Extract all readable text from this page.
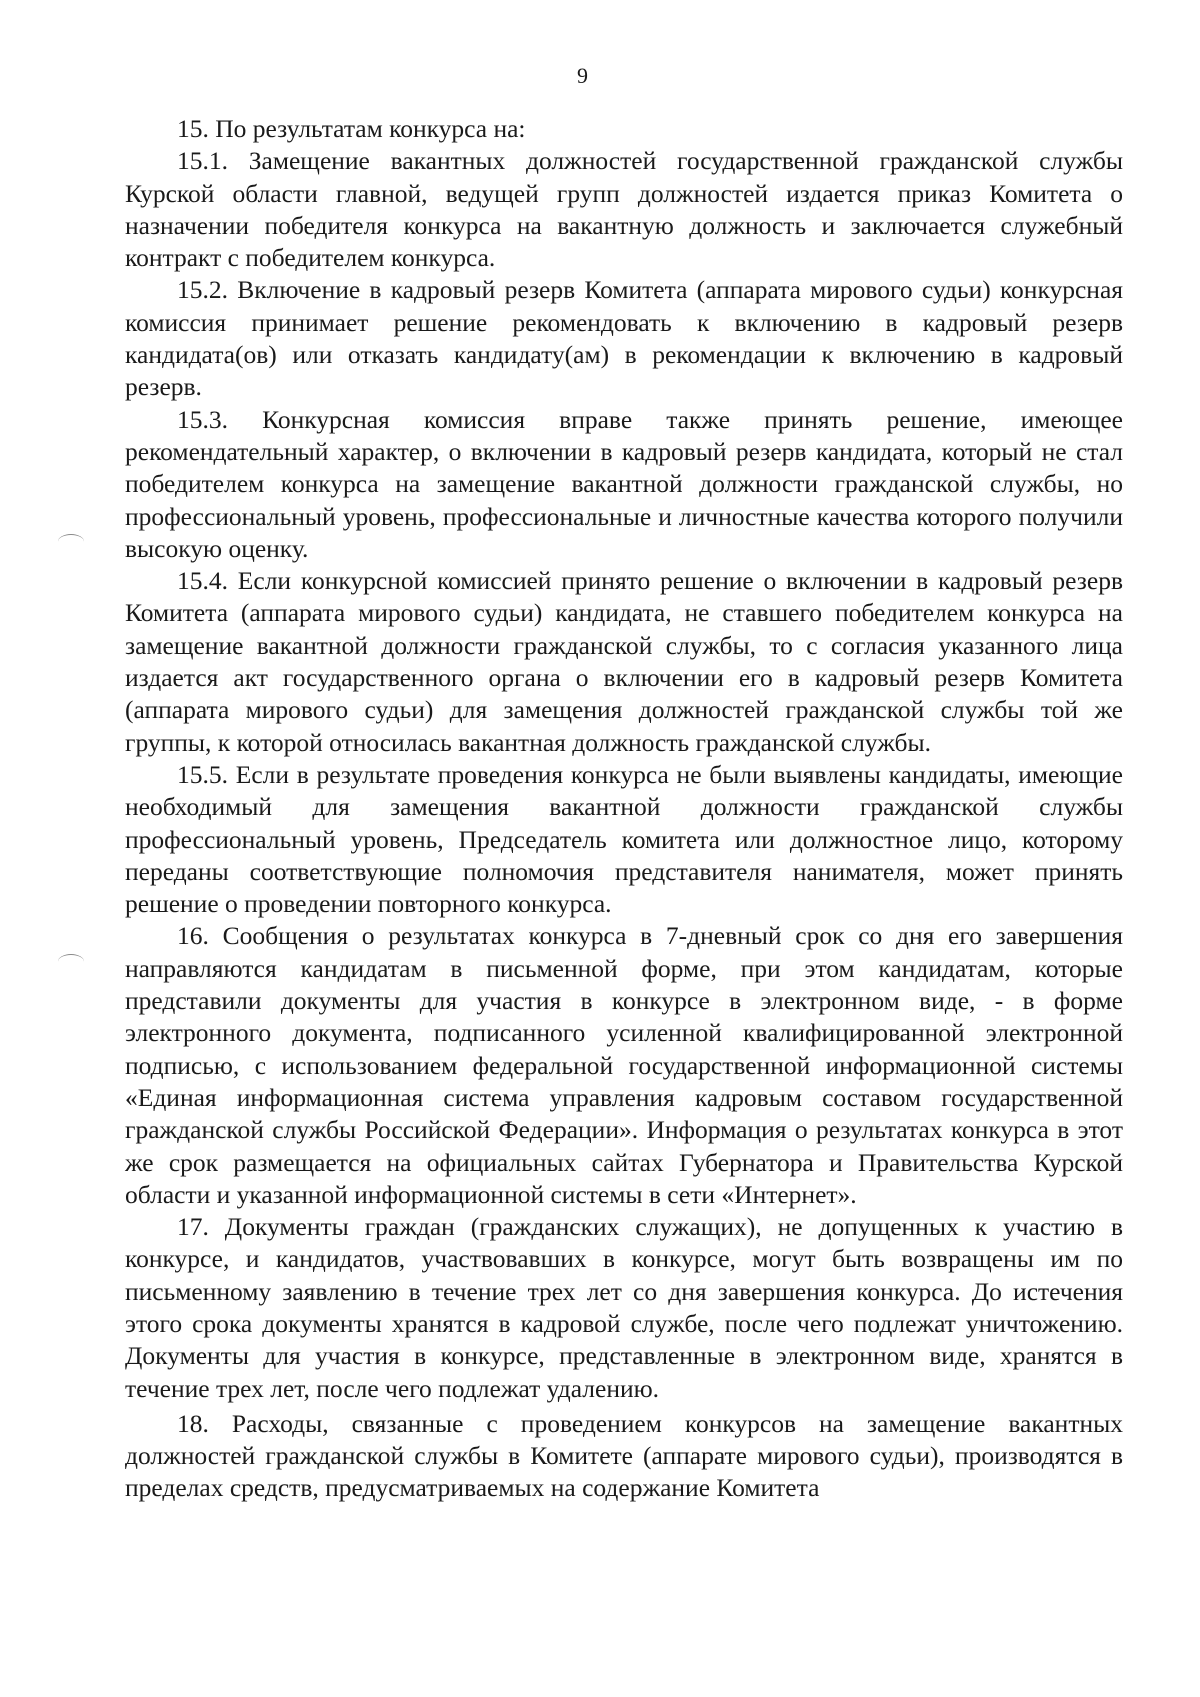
9

15. По результатам конкурса на:

15.1. Замещение вакантных должностей государственной гражданской службы Курской области главной, ведущей групп должностей издается приказ Комитета о назначении победителя конкурса на вакантную должность и заключается служебный контракт с победителем конкурса.

15.2. Включение в кадровый резерв Комитета (аппарата мирового судьи) конкурсная комиссия принимает решение рекомендовать к включению в кадровый резерв кандидата(ов) или отказать кандидату(ам) в рекомендации к включению в кадровый резерв.

15.3. Конкурсная комиссия вправе также принять решение, имеющее рекомендательный характер, о включении в кадровый резерв кандидата, который не стал победителем конкурса на замещение вакантной должности гражданской службы, но профессиональный уровень, профессиональные и личностные качества которого получили высокую оценку.

15.4. Если конкурсной комиссией принято решение о включении в кадровый резерв Комитета (аппарата мирового судьи) кандидата, не ставшего победителем конкурса на замещение вакантной должности гражданской службы, то с согласия указанного лица издается акт государственного органа о включении его в кадровый резерв Комитета (аппарата мирового судьи) для замещения должностей гражданской службы той же группы, к которой относилась вакантная должность гражданской службы.

15.5. Если в результате проведения конкурса не были выявлены кандидаты, имеющие необходимый для замещения вакантной должности гражданской службы профессиональный уровень, Председатель комитета или должностное лицо, которому переданы соответствующие полномочия представителя нанимателя, может принять решение о проведении повторного конкурса.

16. Сообщения о результатах конкурса в 7-дневный срок со дня его завершения направляются кандидатам в письменной форме, при этом кандидатам, которые представили документы для участия в конкурсе в электронном виде, - в форме электронного документа, подписанного усиленной квалифицированной электронной подписью, с использованием федеральной государственной информационной системы «Единая информационная система управления кадровым составом государственной гражданской службы Российской Федерации». Информация о результатах конкурса в этот же срок размещается на официальных сайтах Губернатора и Правительства Курской области и указанной информационной системы в сети «Интернет».

17. Документы граждан (гражданских служащих), не допущенных к участию в конкурсе, и кандидатов, участвовавших в конкурсе, могут быть возвращены им по письменному заявлению в течение трех лет со дня завершения конкурса. До истечения этого срока документы хранятся в кадровой службе, после чего подлежат уничтожению. Документы для участия в конкурсе, представленные в электронном виде, хранятся в течение трех лет, после чего подлежат удалению.

18. Расходы, связанные с проведением конкурсов на замещение вакантных должностей гражданской службы в Комитете (аппарате мирового судьи), производятся в пределах средств, предусматриваемых на содержание Комитета
